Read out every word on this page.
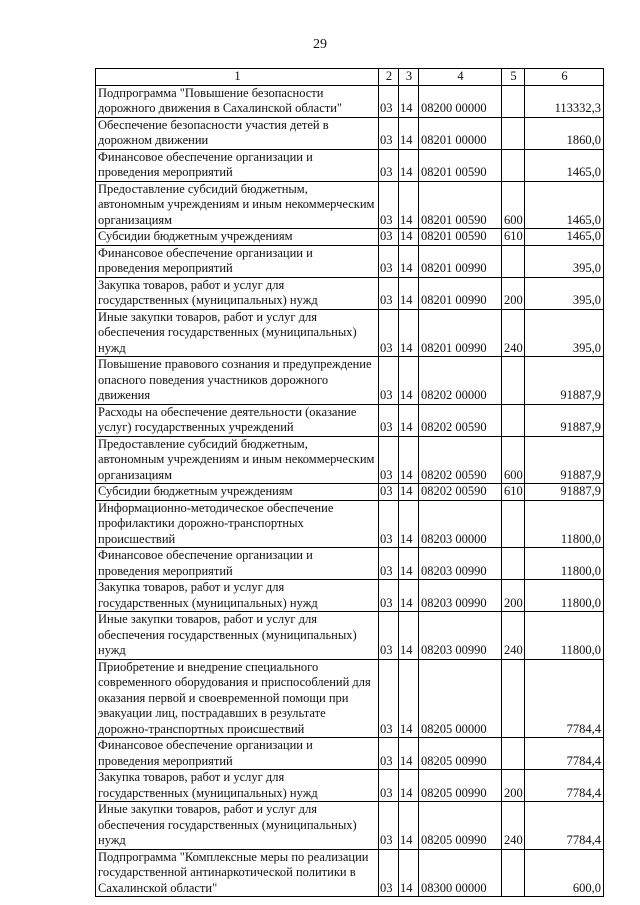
29
1	2	3	4	5	6
Подпрограмма "Повышение безопасности дорожного движения в Сахалинской области"	03	14	08200 00000		113332,3
Обеспечение безопасности участия детей в дорожном движении	03	14	08201 00000		1860,0
Финансовое обеспечение организации и проведения мероприятий	03	14	08201 00590		1465,0
Предоставление субсидий бюджетным, автономным учреждениям и иным некоммерческим организациям	03	14	08201 00590	600	1465,0
Субсидии бюджетным учреждениям	03	14	08201 00590	610	1465,0
Финансовое обеспечение организации и проведения мероприятий	03	14	08201 00990		395,0
Закупка товаров, работ и услуг для государственных (муниципальных) нужд	03	14	08201 00990	200	395,0
Иные закупки товаров, работ и услуг для обеспечения государственных (муниципальных) нужд	03	14	08201 00990	240	395,0
Повышение правового сознания и предупреждение опасного поведения участников дорожного движения	03	14	08202 00000		91887,9
Расходы на обеспечение деятельности (оказание услуг) государственных учреждений	03	14	08202 00590		91887,9
Предоставление субсидий бюджетным, автономным учреждениям и иным некоммерческим организациям	03	14	08202 00590	600	91887,9
Субсидии бюджетным учреждениям	03	14	08202 00590	610	91887,9
Информационно-методическое обеспечение профилактики дорожно-транспортных происшествий	03	14	08203 00000		11800,0
Финансовое обеспечение организации и проведения мероприятий	03	14	08203 00990		11800,0
Закупка товаров, работ и услуг для государственных (муниципальных) нужд	03	14	08203 00990	200	11800,0
Иные закупки товаров, работ и услуг для обеспечения государственных (муниципальных) нужд	03	14	08203 00990	240	11800,0
Приобретение и внедрение специального современного оборудования и приспособлений для оказания первой и своевременной помощи при эвакуации лиц, пострадавших в результате дорожно-транспортных происшествий	03	14	08205 00000		7784,4
Финансовое обеспечение организации и проведения мероприятий	03	14	08205 00990		7784,4
Закупка товаров, работ и услуг для государственных (муниципальных) нужд	03	14	08205 00990	200	7784,4
Иные закупки товаров, работ и услуг для обеспечения государственных (муниципальных) нужд	03	14	08205 00990	240	7784,4
Подпрограмма "Комплексные меры по реализации государственной антинаркотической политики в Сахалинской области"	03	14	08300 00000		600,0
